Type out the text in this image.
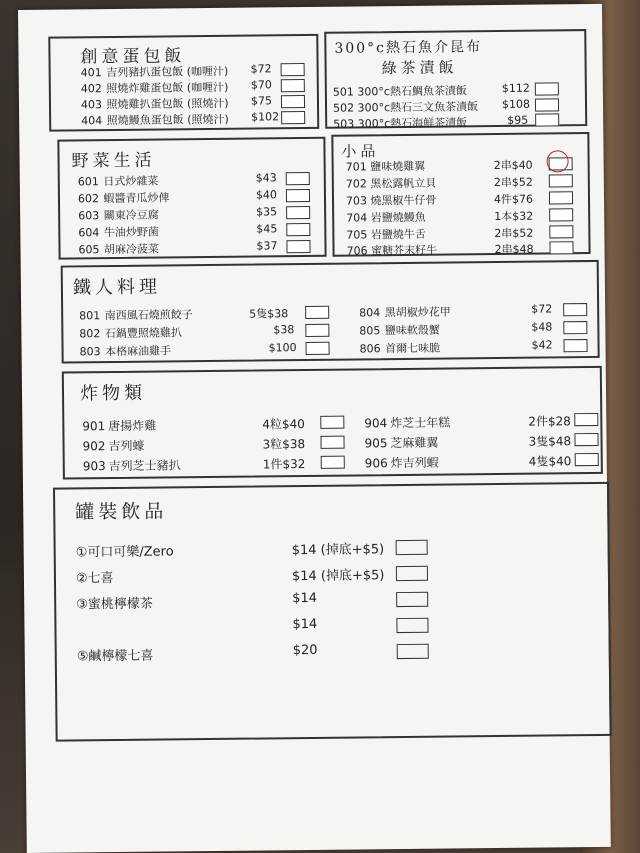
創意蛋包飯
401 吉列豬扒蛋包飯 (咖喱汁) $72
402 照燒炸雞蛋包飯 (咖喱汁) $70
403 照燒雞扒蛋包飯 (照燒汁) $75
404 照燒鰻魚蛋包飯 (照燒汁) $102
300°c熱石魚介昆布
綠茶漬飯
501 300°c熱石鯛魚茶漬飯	$112
502 300°c熱石三文魚茶漬飯 $108
503 300°c熱石海鮮茶漬飯	$95
野菜生活
601 日式炒雜菜	$43
602 蝦醬青瓜炒俾	$40
603 關東冷豆腐	$35
604 牛油炒野菌	$45
605 胡麻冷菠菜	$37
小品
701 鹽味燒雞翼	2串$40
702 黑松露帆立貝	2串$52
703 燒黑椒牛仔骨	4件$76
704 岩鹽燒鰻魚	1本$32
705 岩鹽燒牛舌	2串$52
706 蜜糖芥末籽牛	2串$48
鐵人料理
801 南西風石燒煎餃子	5隻$38
802 石鍋豐照燒雞扒	$38
803 本格麻油雞手	$100
804 黑胡椒炒花甲	$72
805 鹽味軟殼蟹	$48
806 首爾七味脆	$42
炸物類
901 唐揚炸雞	4粒$40
902 吉列蠔	3粒$38
903 吉列芝士豬扒	1件$32
904 炸芝士年糕	2件$28
905 芝麻雞翼	3隻$48
906 炸吉列蝦	4隻$40
罐裝飲品
①可口可樂/Zero	$14 (掉底+$5)
②七喜	$14 (掉底+$5)
③蜜桃檸檬茶	$14
$14
⑤鹹檸檬七喜	$20
